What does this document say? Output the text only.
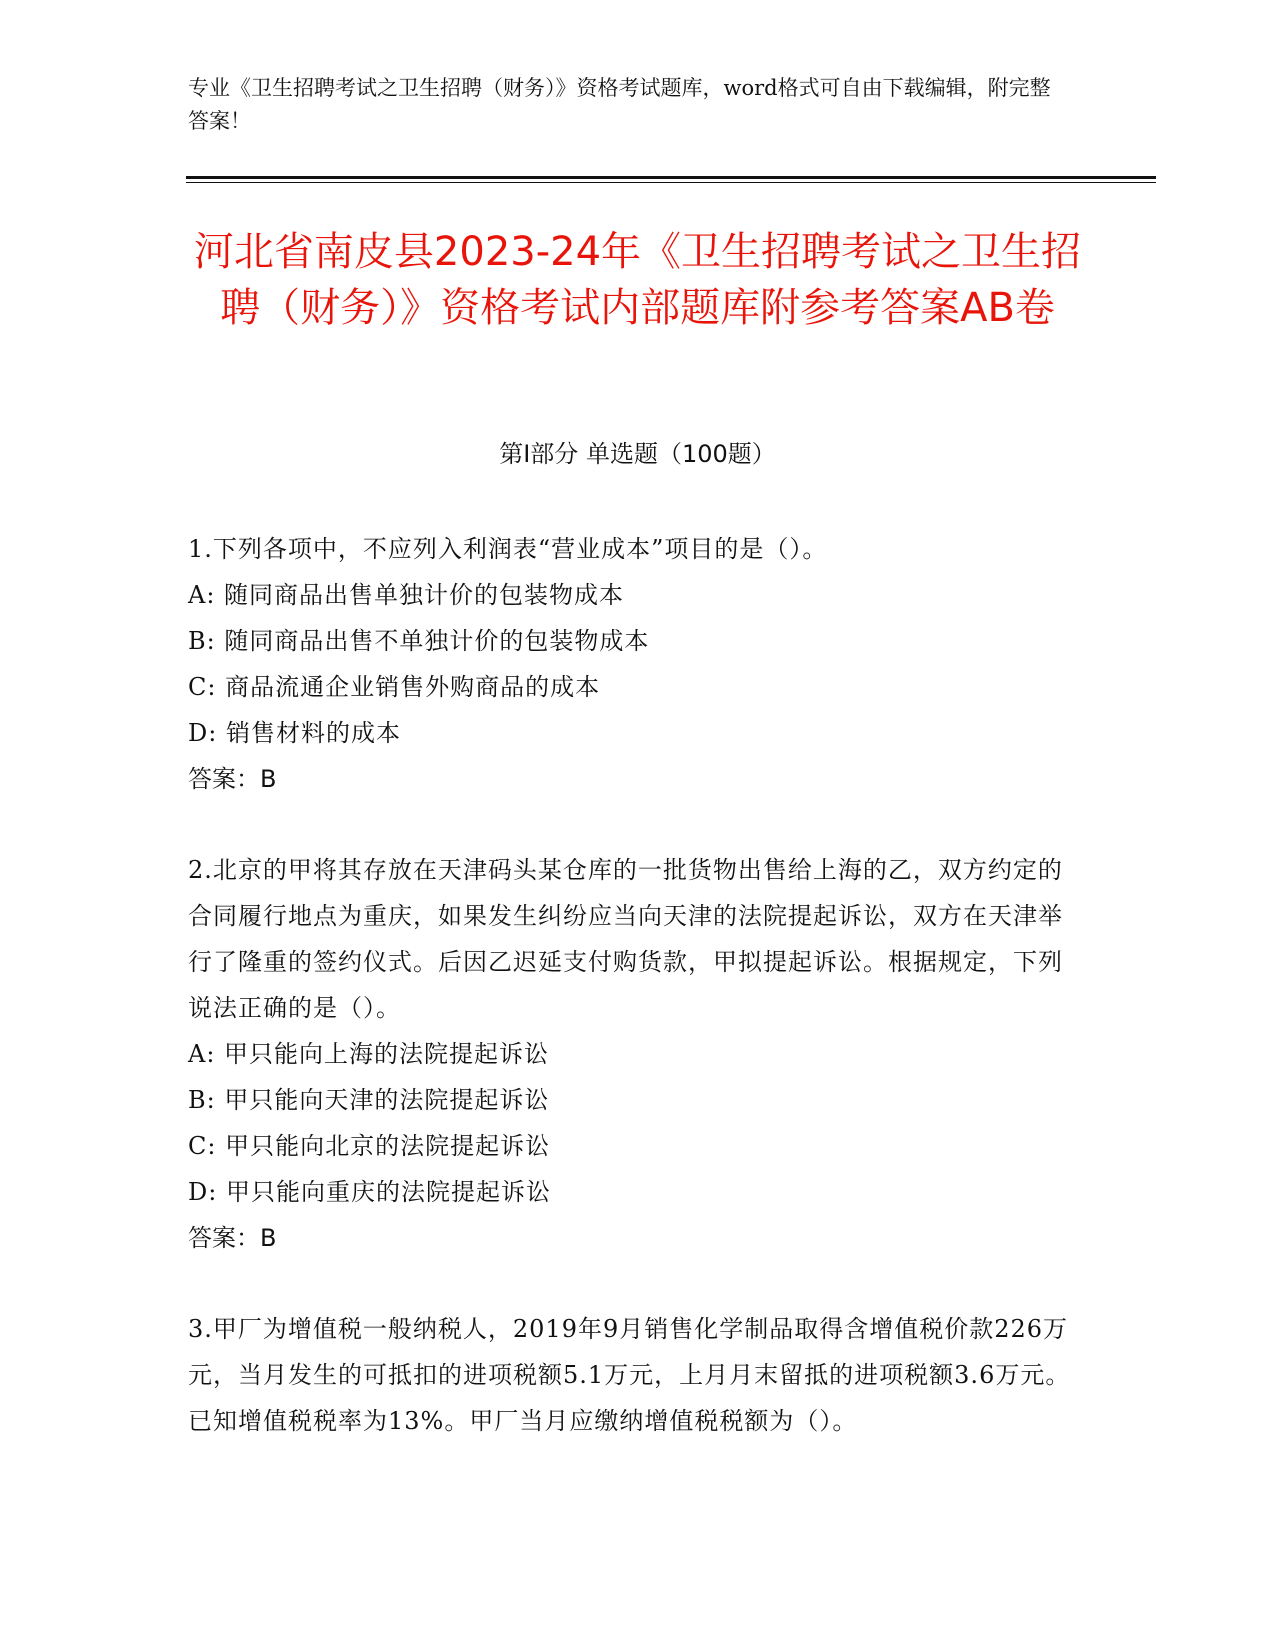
专业《卫生招聘考试之卫生招聘（财务）》资格考试题库，word格式可自由下载编辑，附完整答案！
河北省南皮县2023-24年《卫生招聘考试之卫生招聘（财务）》资格考试内部题库附参考答案AB卷
第I部分 单选题（100题）
1.下列各项中，不应列入利润表“营业成本”项目的是（）。
A: 随同商品出售单独计价的包装物成本
B: 随同商品出售不单独计价的包装物成本
C: 商品流通企业销售外购商品的成本
D: 销售材料的成本
答案：B
2.北京的甲将其存放在天津码头某仓库的一批货物出售给上海的乙，双方约定的合同履行地点为重庆，如果发生纠纷应当向天津的法院提起诉讼，双方在天津举行了隆重的签约仪式。后因乙迟延支付购货款，甲拟提起诉讼。根据规定，下列说法正确的是（）。
A: 甲只能向上海的法院提起诉讼
B: 甲只能向天津的法院提起诉讼
C: 甲只能向北京的法院提起诉讼
D: 甲只能向重庆的法院提起诉讼
答案：B
3.甲厂为增值税一般纳税人，2019年9月销售化学制品取得含增值税价款226万元，当月发生的可抵扣的进项税额5.1万元，上月月末留抵的进项税额3.6万元。已知增值税税率为13%。甲厂当月应缴纳增值税税额为（）。
